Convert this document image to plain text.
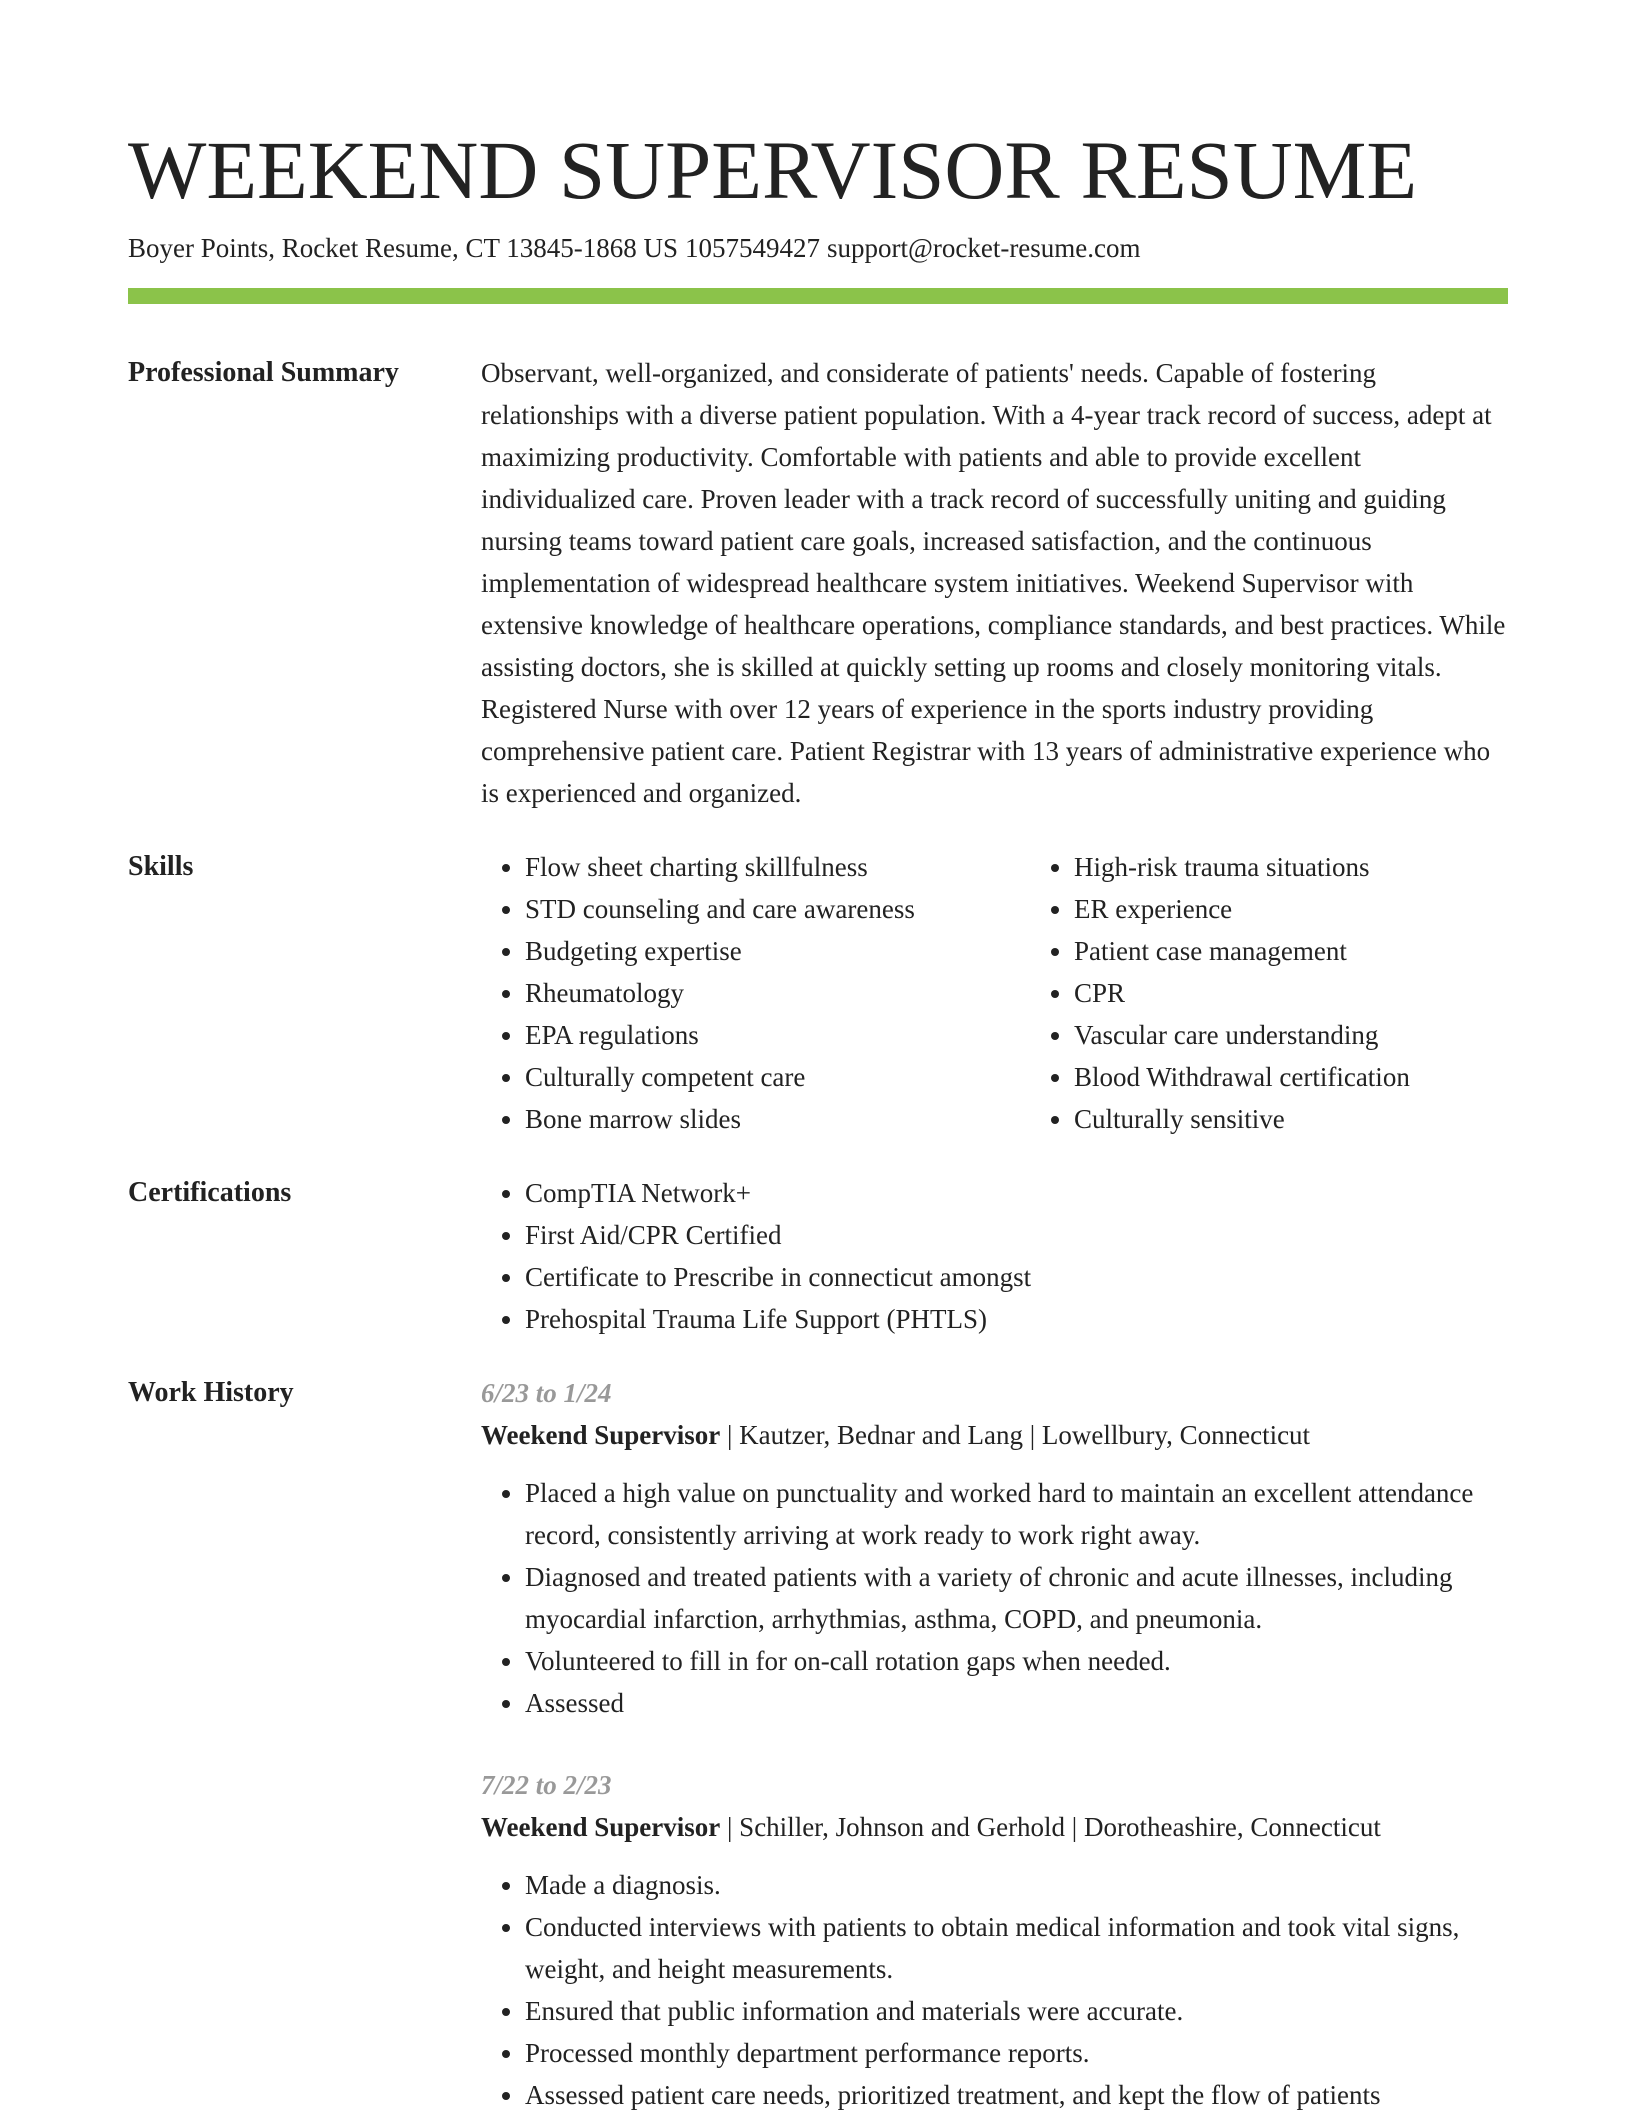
WEEKEND SUPERVISOR RESUME
Boyer Points, Rocket Resume, CT 13845-1868 US 1057549427 support@rocket-resume.com
Professional Summary	Observant, well-organized, and considerate of patients' needs. Capable of fostering relationships with a diverse patient population. With a 4-year track record of success, adept at maximizing productivity. Comfortable with patients and able to provide excellent individualized care. Proven leader with a track record of successfully uniting and guiding nursing teams toward patient care goals, increased satisfaction, and the continuous implementation of widespread healthcare system initiatives. Weekend Supervisor with extensive knowledge of healthcare operations, compliance standards, and best practices. While assisting doctors, she is skilled at quickly setting up rooms and closely monitoring vitals. Registered Nurse with over 12 years of experience in the sports industry providing comprehensive patient care. Patient Registrar with 13 years of administrative experience who is experienced and organized.

Skills	• Flow sheet charting skillfulness
• STD counseling and care awareness
• Budgeting expertise
• Rheumatology
• EPA regulations
• Culturally competent care
• Bone marrow slides
• High-risk trauma situations
• ER experience
• Patient case management
• CPR
• Vascular care understanding
• Blood Withdrawal certification
• Culturally sensitive
Certifications	• CompTIA Network+
• First Aid/CPR Certified
• Certificate to Prescribe in connecticut amongst
• Prehospital Trauma Life Support (PHTLS)
Work History	6/23 to 1/24
Weekend Supervisor | Kautzer, Bednar and Lang | Lowellbury, Connecticut
• Placed a high value on punctuality and worked hard to maintain an excellent attendance record, consistently arriving at work ready to work right away.
• Diagnosed and treated patients with a variety of chronic and acute illnesses, including myocardial infarction, arrhythmias, asthma, COPD, and pneumonia.
• Volunteered to fill in for on-call rotation gaps when needed.
• Assessed
7/22 to 2/23
Weekend Supervisor | Schiller, Johnson and Gerhold | Dorotheashire, Connecticut
• Made a diagnosis.
• Conducted interviews with patients to obtain medical information and took vital signs, weight, and height measurements.
• Ensured that public information and materials were accurate.
• Processed monthly department performance reports.
• Assessed patient care needs, prioritized treatment, and kept the flow of patients
